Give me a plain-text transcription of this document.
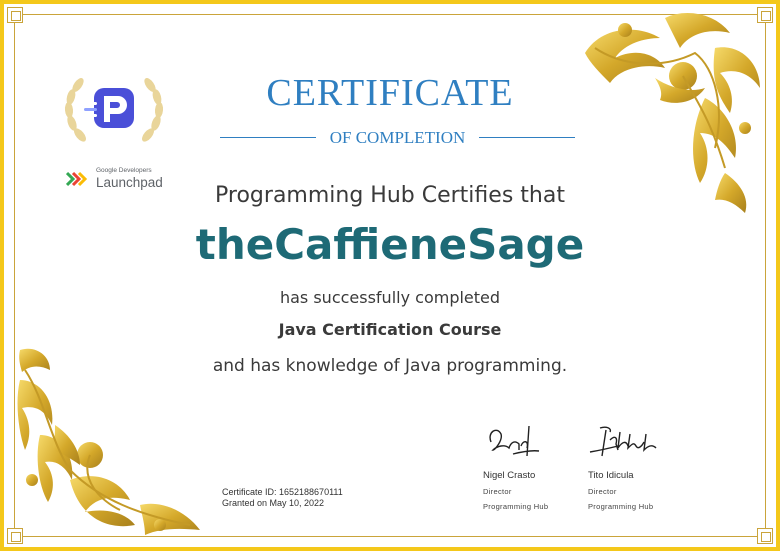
Google Developers
Launchpad
CERTIFICATE
OF COMPLETION
Programming Hub Certifies that
theCaffieneSage
has successfully completed
Java Certification Course
and has knowledge of Java programming.
Certificate ID: 1652188670111
Granted on May 10, 2022
Nigel Crasto
Director
Programming Hub
Tito Idicula
Director
Programming Hub
